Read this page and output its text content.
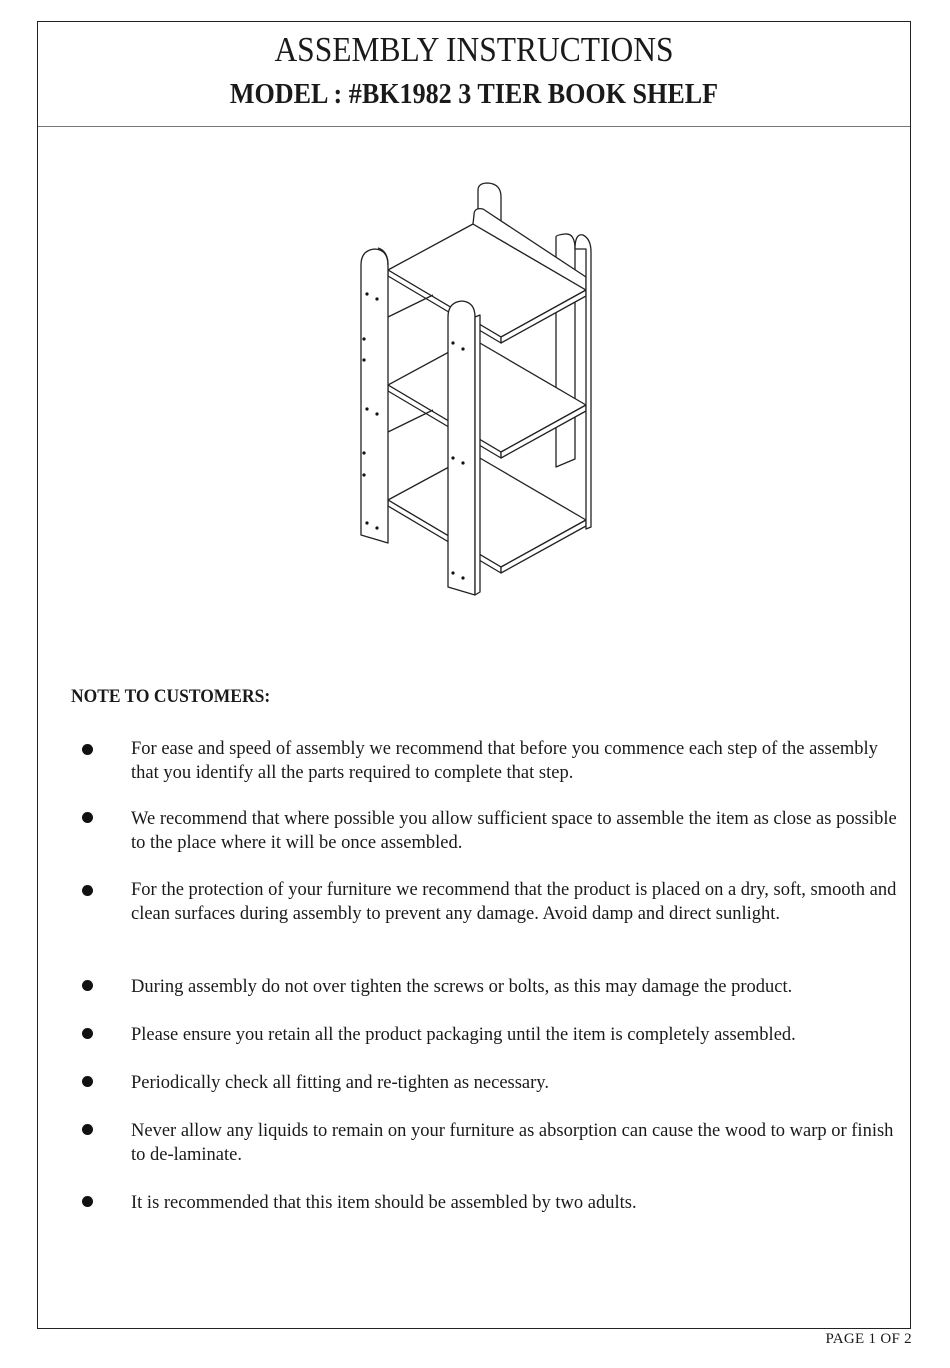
ASSEMBLY INSTRUCTIONS
MODEL : #BK1982 3 TIER BOOK SHELF
NOTE TO CUSTOMERS:
For ease and speed of assembly we recommend that before you commence each step of the assembly that you identify all the parts required to complete that step.
We recommend that where possible you allow sufficient space to assemble the item as close as possible to the place where it will be once assembled.
For the protection of your furniture we recommend that the product is placed on a dry, soft, smooth and clean surfaces during assembly to prevent any damage. Avoid damp and direct sunlight.
During assembly do not over tighten the screws or bolts, as this may damage the product.
Please ensure you retain all the product packaging until the item is completely assembled.
Periodically check all fitting and re-tighten as necessary.
Never allow any liquids to remain on your furniture as absorption can cause the wood to warp or finish to de-laminate.
It is recommended that this item should be assembled by two adults.
PAGE 1 OF 2
